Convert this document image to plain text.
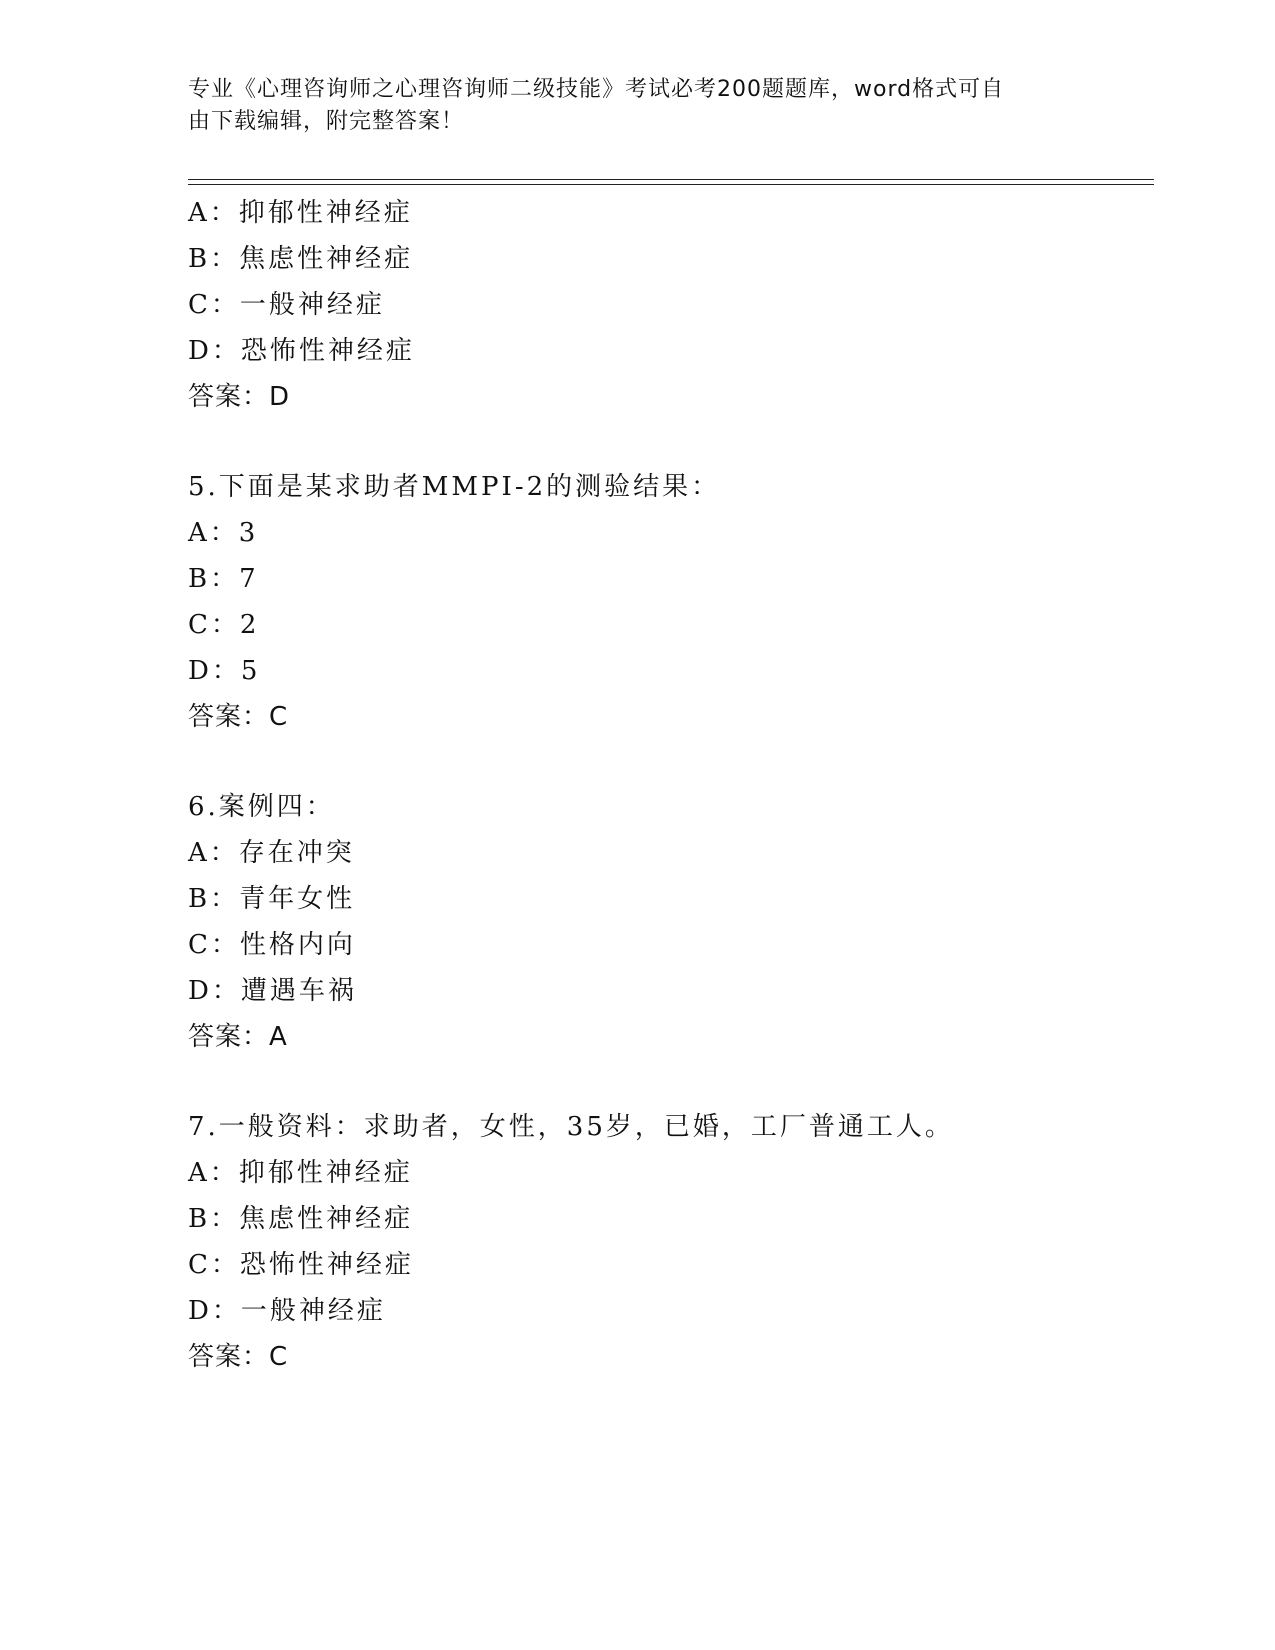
专业《心理咨询师之心理咨询师二级技能》考试必考200题题库，word格式可自
由下载编辑，附完整答案！
A：抑郁性神经症
B：焦虑性神经症
C：一般神经症
D：恐怖性神经症
答案：D
5.下面是某求助者MMPI-2的测验结果：
A：3
B：7
C：2
D：5
答案：C
6.案例四：
A：存在冲突
B：青年女性
C：性格内向
D：遭遇车祸
答案：A
7.一般资料：求助者，女性，35岁，已婚，工厂普通工人。
A：抑郁性神经症
B：焦虑性神经症
C：恐怖性神经症
D：一般神经症
答案：C
